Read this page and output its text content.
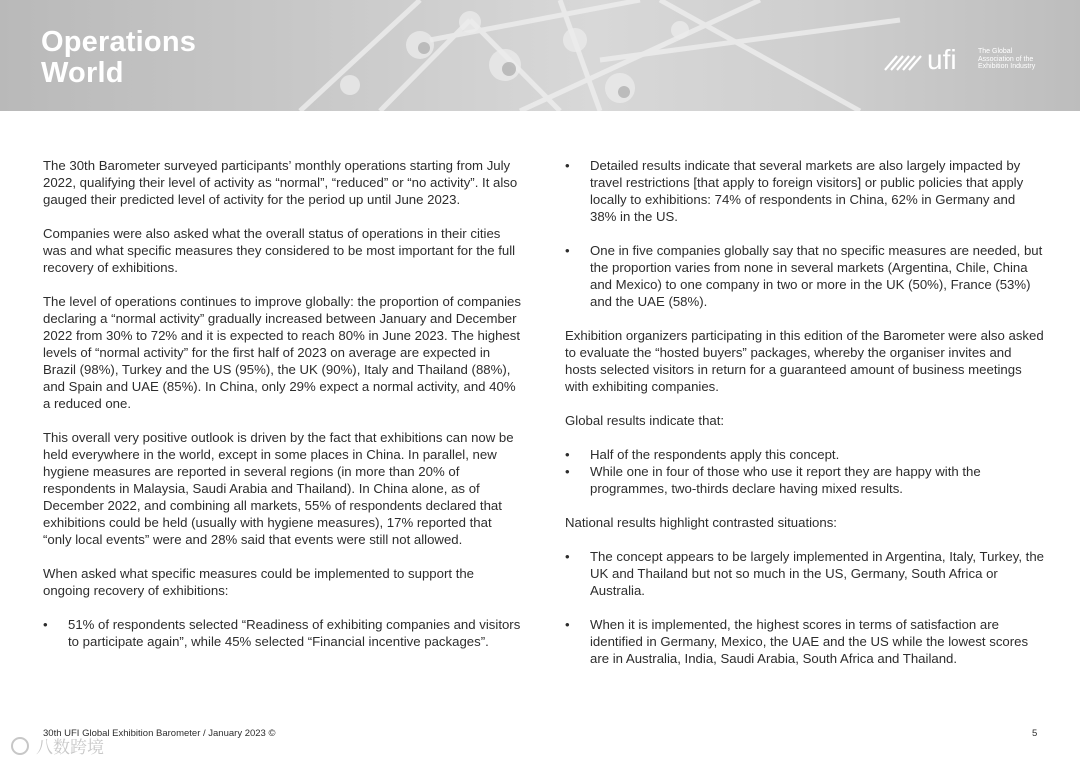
Operations
World	ufi	The Global
Association of the
Exhibition Industry

The 30th Barometer surveyed participants’ monthly operations starting from July 2022, qualifying their level of activity as “normal”, “reduced” or “no activity”. It also gauged their predicted level of activity for the period up until June 2023.

Companies were also asked what the overall status of operations in their cities was and what specific measures they considered to be most important for the full recovery of exhibitions.

The level of operations continues to improve globally: the proportion of companies declaring a “normal activity” gradually increased between January and December 2022 from 30% to 72% and it is expected to reach 80% in June 2023. The highest levels of “normal activity” for the first half of 2023 on average are expected in Brazil (98%), Turkey and the US (95%), the UK (90%), Italy and Thailand (88%), and Spain and UAE (85%). In China, only 29% expect a normal activity, and 40% a reduced one.

This overall very positive outlook is driven by the fact that exhibitions can now be held everywhere in the world, except in some places in China. In parallel, new hygiene measures are reported in several regions (in more than 20% of respondents in Malaysia, Saudi Arabia and Thailand). In China alone, as of December 2022, and combining all markets, 55% of respondents declared that exhibitions could be held (usually with hygiene measures), 17% reported that “only local events” were and 28% said that events were still not allowed.

When asked what specific measures could be implemented to support the ongoing recovery of exhibitions:

• 51% of respondents selected “Readiness of exhibiting companies and visitors to participate again”, while 45% selected “Financial incentive packages”.
• Detailed results indicate that several markets are also largely impacted by travel restrictions [that apply to foreign visitors] or public policies that apply locally to exhibitions: 74% of respondents in China, 62% in Germany and 38% in the US.
• One in five companies globally say that no specific measures are needed, but the proportion varies from none in several markets (Argentina, Chile, China and Mexico) to one company in two or more in the UK (50%), France (53%) and the UAE (58%).

Exhibition organizers participating in this edition of the Barometer were also asked to evaluate the “hosted buyers” packages, whereby the organiser invites and hosts selected visitors in return for a guaranteed amount of business meetings with exhibiting companies.

Global results indicate that:

• Half of the respondents apply this concept.
• While one in four of those who use it report they are happy with the programmes, two-thirds declare having mixed results.

National results highlight contrasted situations:

• The concept appears to be largely implemented in Argentina, Italy, Turkey, the UK and Thailand but not so much in the US, Germany, South Africa or Australia.
• When it is implemented, the highest scores in terms of satisfaction are identified in Germany, Mexico, the UAE and the US while the lowest scores are in Australia, India, Saudi Arabia, South Africa and Thailand.
30th UFI Global Exhibition Barometer / January 2023 ©	5
八数跨境
